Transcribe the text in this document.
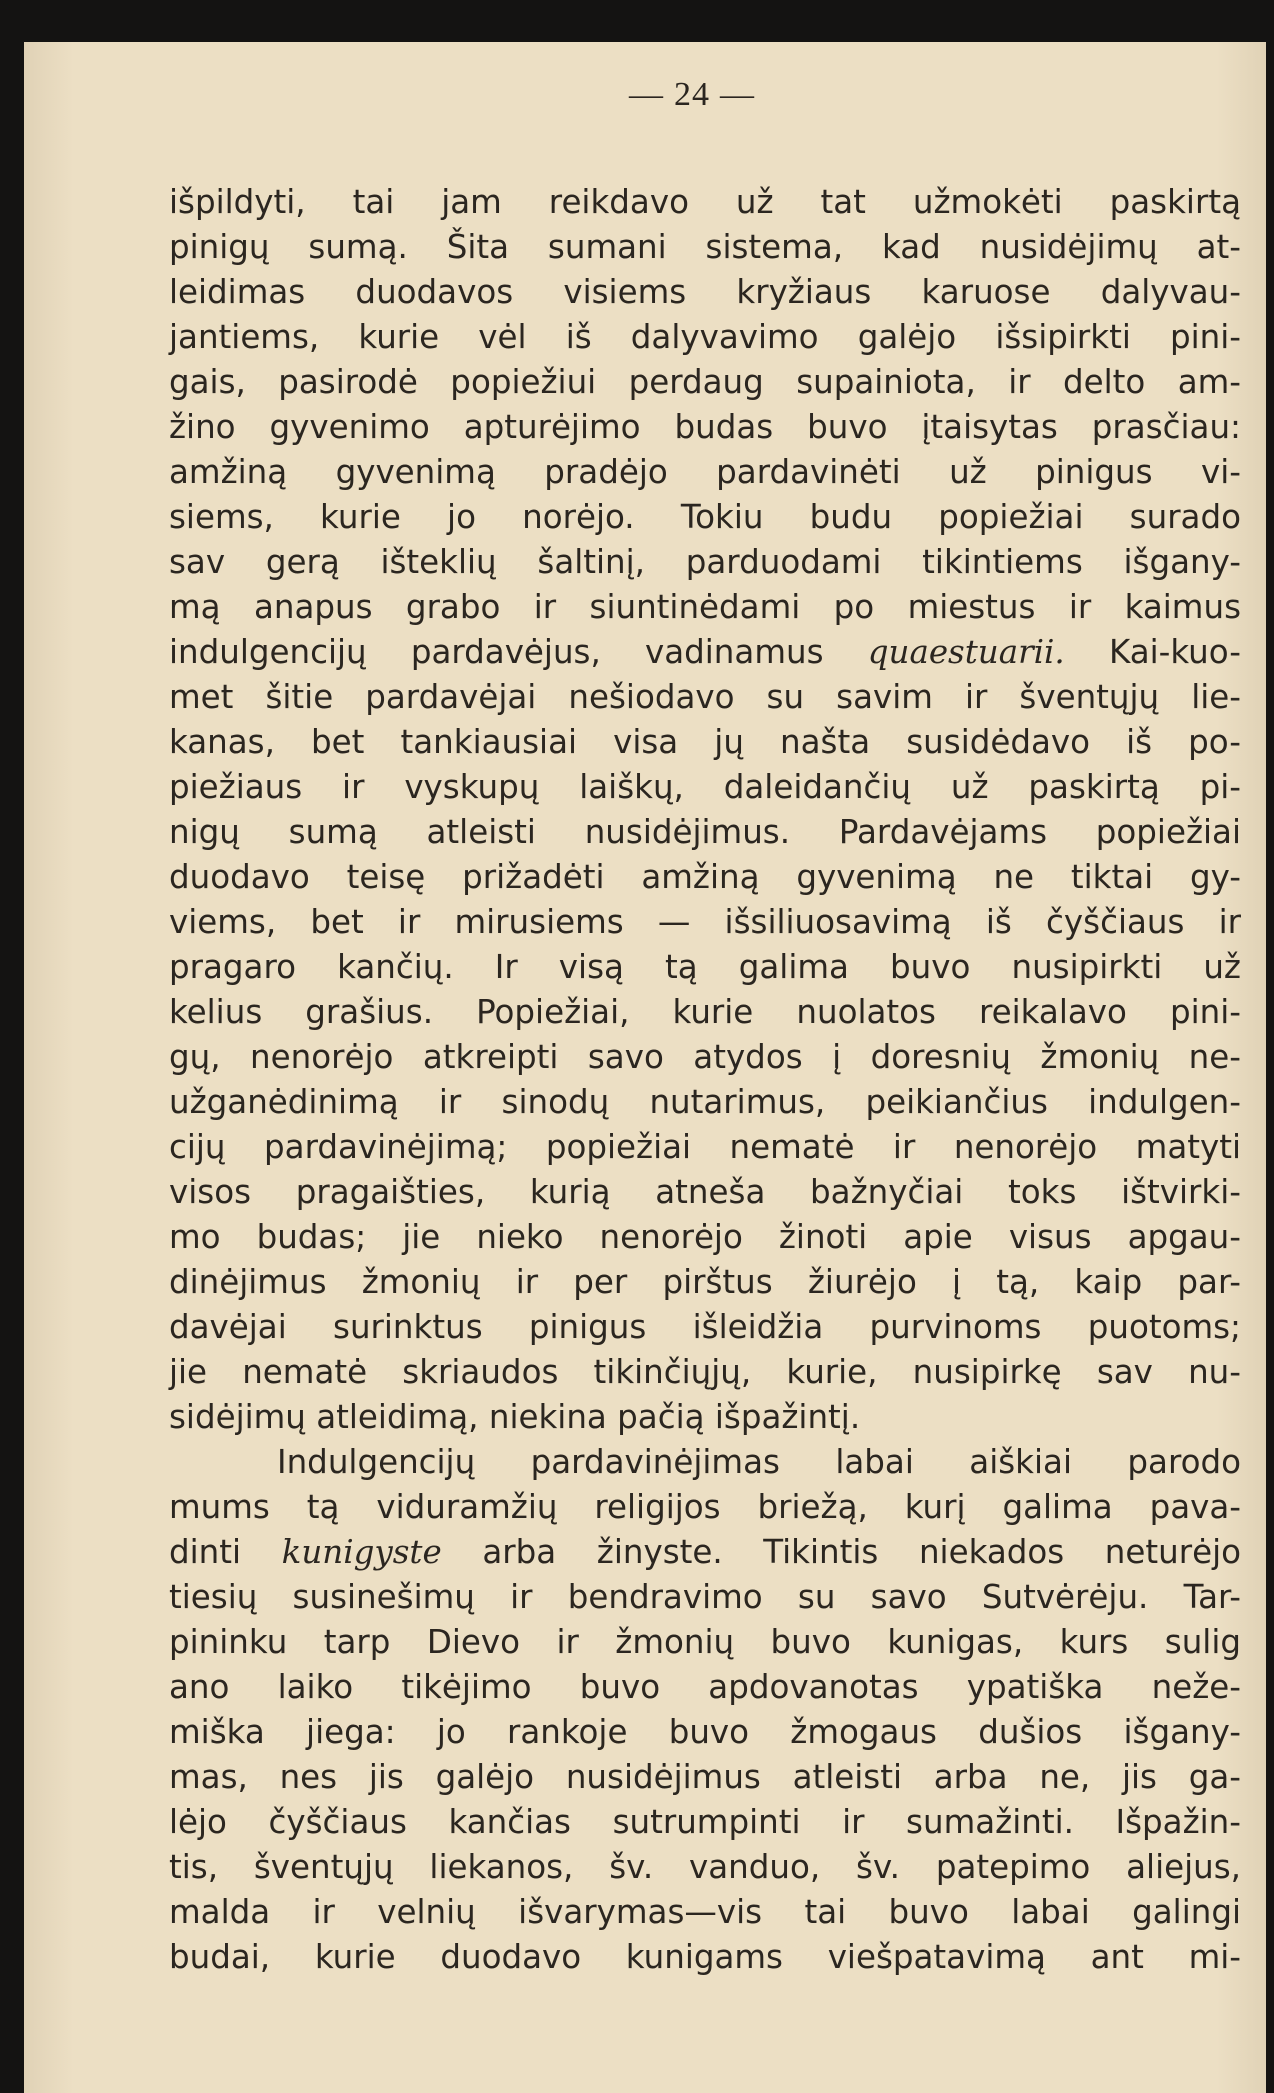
— 24 —
išpildyti, tai jam reikdavo už tat užmokėti paskirtą
pinigų sumą. Šita sumani sistema, kad nusidėjimų at-
leidimas duodavos visiems kryžiaus karuose dalyvau-
jantiems, kurie vėl iš dalyvavimo galėjo išsipirkti pini-
gais, pasirodė popiežiui perdaug supainiota, ir delto am-
žino gyvenimo apturėjimo budas buvo įtaisytas prasčiau:
amžiną gyvenimą pradėjo pardavinėti už pinigus vi-
siems, kurie jo norėjo. Tokiu budu popiežiai surado
sav gerą išteklių šaltinį, parduodami tikintiems išgany-
mą anapus grabo ir siuntinėdami po miestus ir kaimus
indulgencijų pardavėjus, vadinamus quaestuarii. Kai-kuo-
met šitie pardavėjai nešiodavo su savim ir šventųjų lie-
kanas, bet tankiausiai visa jų našta susidėdavo iš po-
piežiaus ir vyskupų laiškų, daleidančių už paskirtą pi-
nigų sumą atleisti nusidėjimus. Pardavėjams popiežiai
duodavo teisę prižadėti amžiną gyvenimą ne tiktai gy-
viems, bet ir mirusiems — išsiliuosavimą iš čyščiaus ir
pragaro kančių. Ir visą tą galima buvo nusipirkti už
kelius grašius. Popiežiai, kurie nuolatos reikalavo pini-
gų, nenorėjo atkreipti savo atydos į doresnių žmonių ne-
užganėdinimą ir sinodų nutarimus, peikiančius indulgen-
cijų pardavinėjimą; popiežiai nematė ir nenorėjo matyti
visos pragaišties, kurią atneša bažnyčiai toks ištvirki-
mo budas; jie nieko nenorėjo žinoti apie visus apgau-
dinėjimus žmonių ir per pirštus žiurėjo į tą, kaip par-
davėjai surinktus pinigus išleidžia purvinoms puotoms;
jie nematė skriaudos tikinčiųjų, kurie, nusipirkę sav nu-
sidėjimų atleidimą, niekina pačią išpažintį.
Indulgencijų pardavinėjimas labai aiškiai parodo
mums tą viduramžių religijos briežą, kurį galima pava-
dinti kunigyste arba žinyste. Tikintis niekados neturėjo
tiesių susinešimų ir bendravimo su savo Sutvėrėju. Tar-
pininku tarp Dievo ir žmonių buvo kunigas, kurs sulig
ano laiko tikėjimo buvo apdovanotas ypatiška neže-
miška jiega: jo rankoje buvo žmogaus dušios išgany-
mas, nes jis galėjo nusidėjimus atleisti arba ne, jis ga-
lėjo čyščiaus kančias sutrumpinti ir sumažinti. Išpažin-
tis, šventųjų liekanos, šv. vanduo, šv. patepimo aliejus,
malda ir velnių išvarymas—vis tai buvo labai galingi
budai, kurie duodavo kunigams viešpatavimą ant mi-
